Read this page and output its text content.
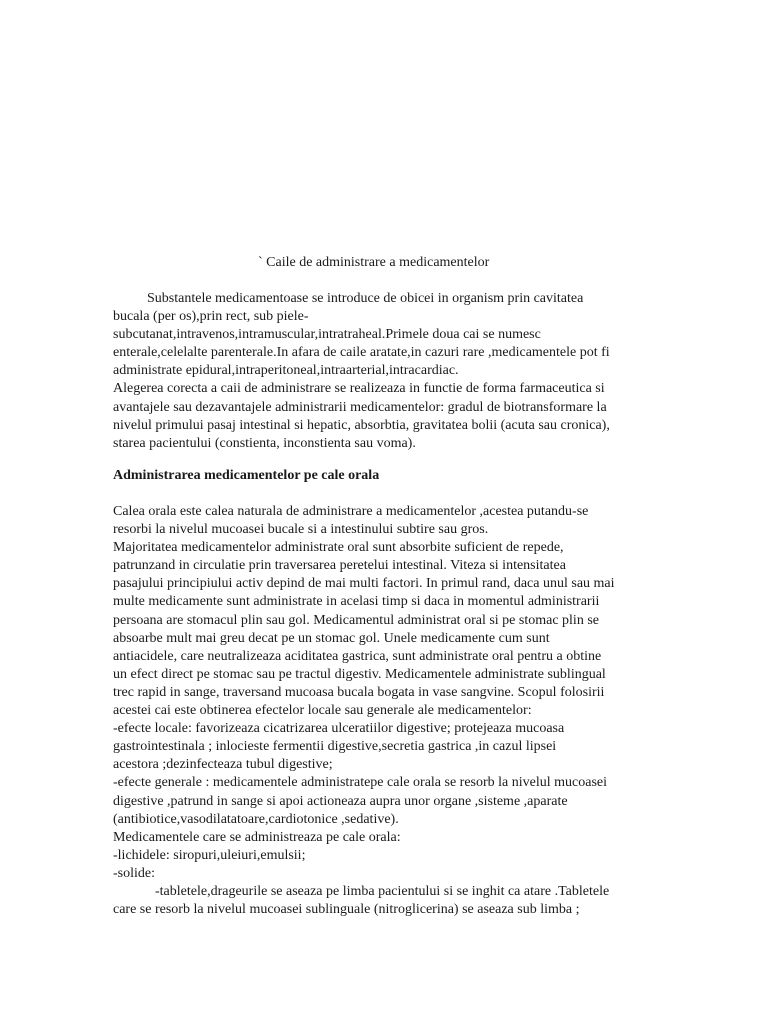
` Caile de administrare a medicamentelor
Substantele medicamentoase se introduce de obicei in organism prin cavitatea
bucala (per os),prin rect, sub piele-
subcutanat,intravenos,intramuscular,intratraheal.Primele doua cai se numesc
enterale,celelalte parenterale.In afara de caile aratate,in cazuri rare ,medicamentele pot fi
administrate epidural,intraperitoneal,intraarterial,intracardiac.
Alegerea corecta a caii de administrare se realizeaza in functie de forma farmaceutica si
avantajele sau dezavantajele administrarii medicamentelor: gradul de biotransformare la
nivelul primului pasaj intestinal si hepatic, absorbtia, gravitatea bolii (acuta sau cronica),
starea pacientului (constienta, inconstienta sau voma).
Administrarea medicamentelor pe cale orala
Calea orala este calea naturala de administrare a medicamentelor ,acestea putandu-se
resorbi la nivelul mucoasei bucale si a intestinului subtire sau gros.
Majoritatea medicamentelor administrate oral sunt absorbite suficient de repede,
patrunzand in circulatie prin traversarea peretelui intestinal. Viteza si intensitatea
pasajului principiului activ depind de mai multi factori. In primul rand, daca unul sau mai
multe medicamente sunt administrate in acelasi timp si daca in momentul administrarii
persoana are stomacul plin sau gol. Medicamentul administrat oral si pe stomac plin se
absoarbe mult mai greu decat pe un stomac gol. Unele medicamente cum sunt
antiacidele, care neutralizeaza aciditatea gastrica, sunt administrate oral pentru a obtine
un efect direct pe stomac sau pe tractul digestiv. Medicamentele administrate sublingual
trec rapid in sange, traversand mucoasa bucala bogata in vase sangvine. Scopul folosirii
acestei cai este obtinerea efectelor locale sau generale ale medicamentelor:
-efecte locale: favorizeaza cicatrizarea ulceratiilor digestive; protejeaza mucoasa
gastrointestinala ; inlocieste fermentii digestive,secretia gastrica ,in cazul lipsei
acestora ;dezinfecteaza tubul digestive;
-efecte generale : medicamentele administratepe cale orala se resorb la nivelul mucoasei
digestive ,patrund in sange si apoi actioneaza aupra unor organe ,sisteme ,aparate
(antibiotice,vasodilatatoare,cardiotonice ,sedative).
Medicamentele care se administreaza pe cale orala:
-lichidele: siropuri,uleiuri,emulsii;
-solide:
-tabletele,drageurile se aseaza pe limba pacientului si se inghit ca atare .Tabletele
care se resorb la nivelul mucoasei sublinguale (nitroglicerina) se aseaza sub limba ;
